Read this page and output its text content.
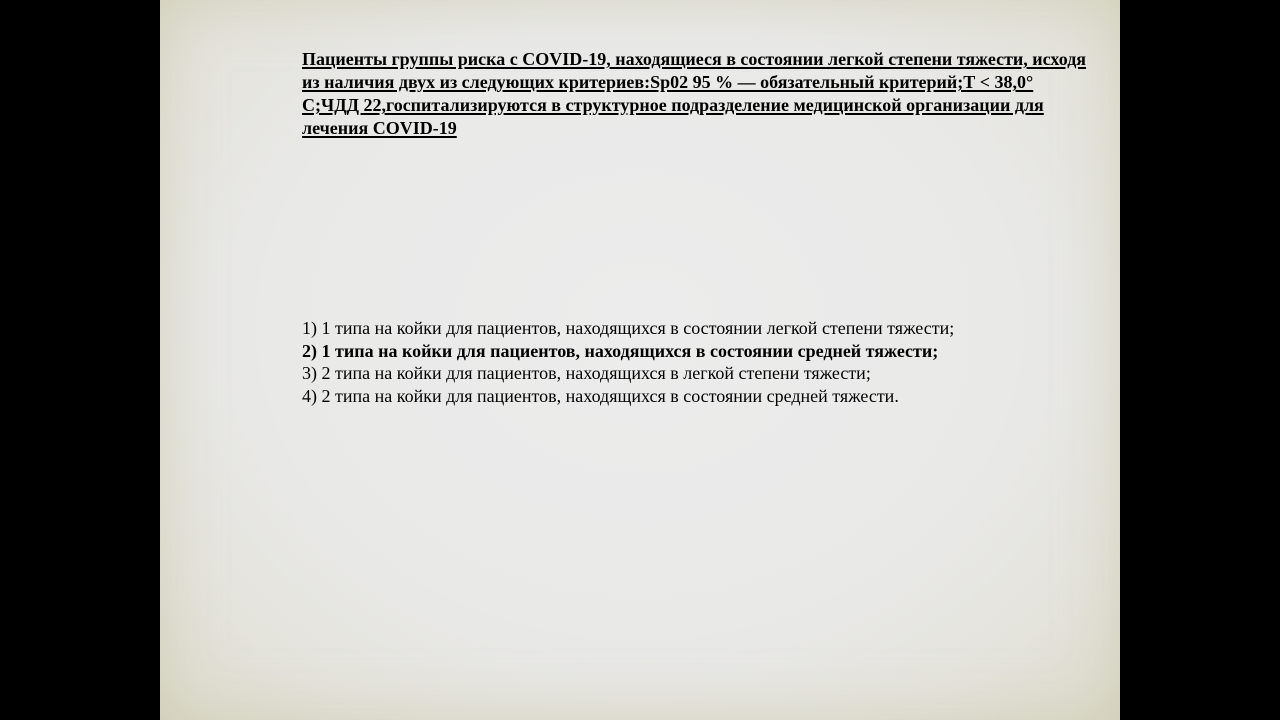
Пациенты группы риска с COVID-19, находящиеся в состоянии легкой степени тяжести, исходя из наличия двух из следующих критериев:Sp02 95 % — обязательный критерий;Т < 38,0° С;ЧДД 22,госпитализируются в структурное подразделение медицинской организации для лечения COVID-19

1) 1 типа на койки для пациентов, находящихся в состоянии легкой степени тяжести;
2) 1 типа на койки для пациентов, находящихся в состоянии средней тяжести;
3) 2 типа на койки для пациентов, находящихся в легкой степени тяжести;
4) 2 типа на койки для пациентов, находящихся в состоянии средней тяжести.
